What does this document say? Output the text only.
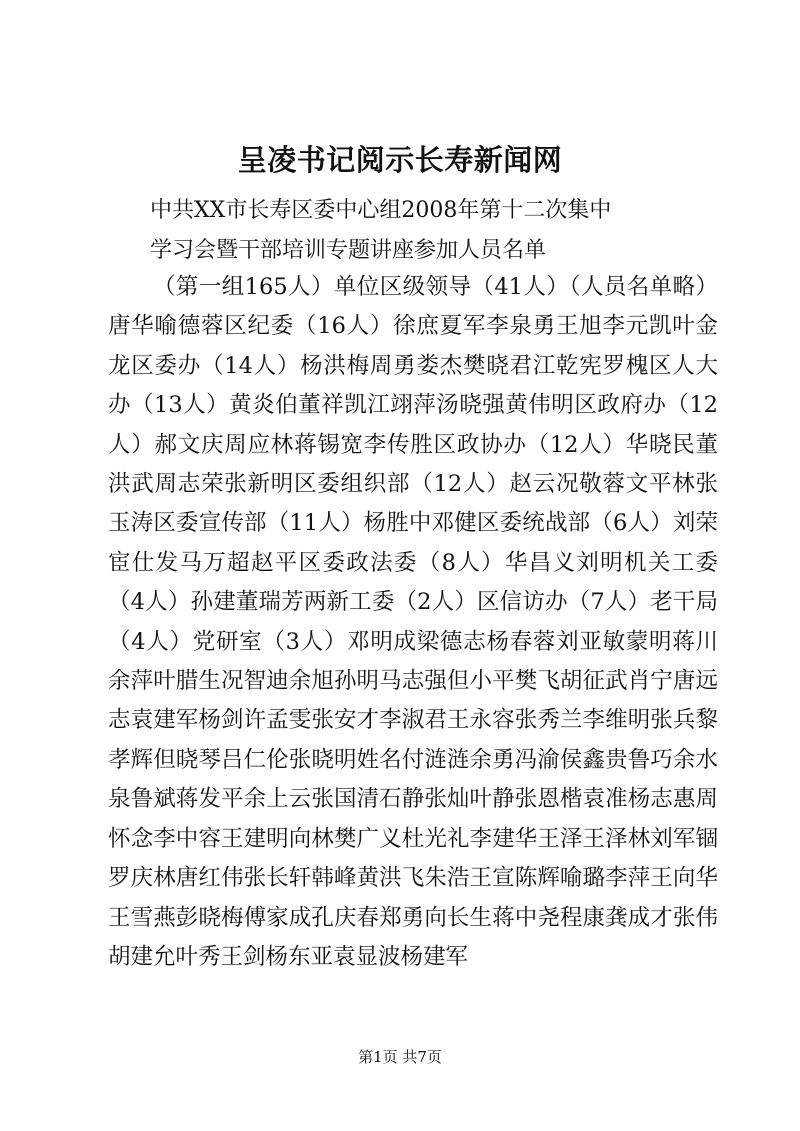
呈凌书记阅示长寿新闻网

中共XX市长寿区委中心组2008年第十二次集中

学习会暨干部培训专题讲座参加人员名单

（第一组165人）单位区级领导（41人）（人员名单略）唐华喻德蓉区纪委（16人）徐庶夏军李泉勇王旭李元凯叶金龙区委办（14人）杨洪梅周勇娄杰樊晓君江乾宪罗槐区人大办（13人）黄炎伯董祥凯江翊萍汤晓强黄伟明区政府办（12人）郝文庆周应林蒋锡宽李传胜区政协办（12人）华晓民董洪武周志荣张新明区委组织部（12人）赵云况敬蓉文平林张玉涛区委宣传部（11人）杨胜中邓健区委统战部（6人）刘荣宦仕发马万超赵平区委政法委（8人）华昌义刘明机关工委（4人）孙建董瑞芳两新工委（2人）区信访办（7人）老干局（4人）党研室（3人）邓明成梁德志杨春蓉刘亚敏蒙明蒋川余萍叶腊生况智迪余旭孙明马志强但小平樊飞胡征武肖宁唐远志袁建军杨剑许孟雯张安才李淑君王永容张秀兰李维明张兵黎孝辉但晓琴吕仁伦张晓明姓名付涟涟余勇冯渝侯鑫贵鲁巧余水泉鲁斌蒋发平余上云张国清石静张灿叶静张恩楷袁准杨志惠周怀念李中容王建明向林樊广义杜光礼李建华王泽王泽林刘军锢罗庆林唐红伟张长轩韩峰黄洪飞朱浩王宣陈辉喻璐李萍王向华王雪燕彭晓梅傅家成孔庆春郑勇向长生蒋中尧程康龚成才张伟胡建允叶秀王剑杨东亚袁显波杨建军

第1页 共7页
